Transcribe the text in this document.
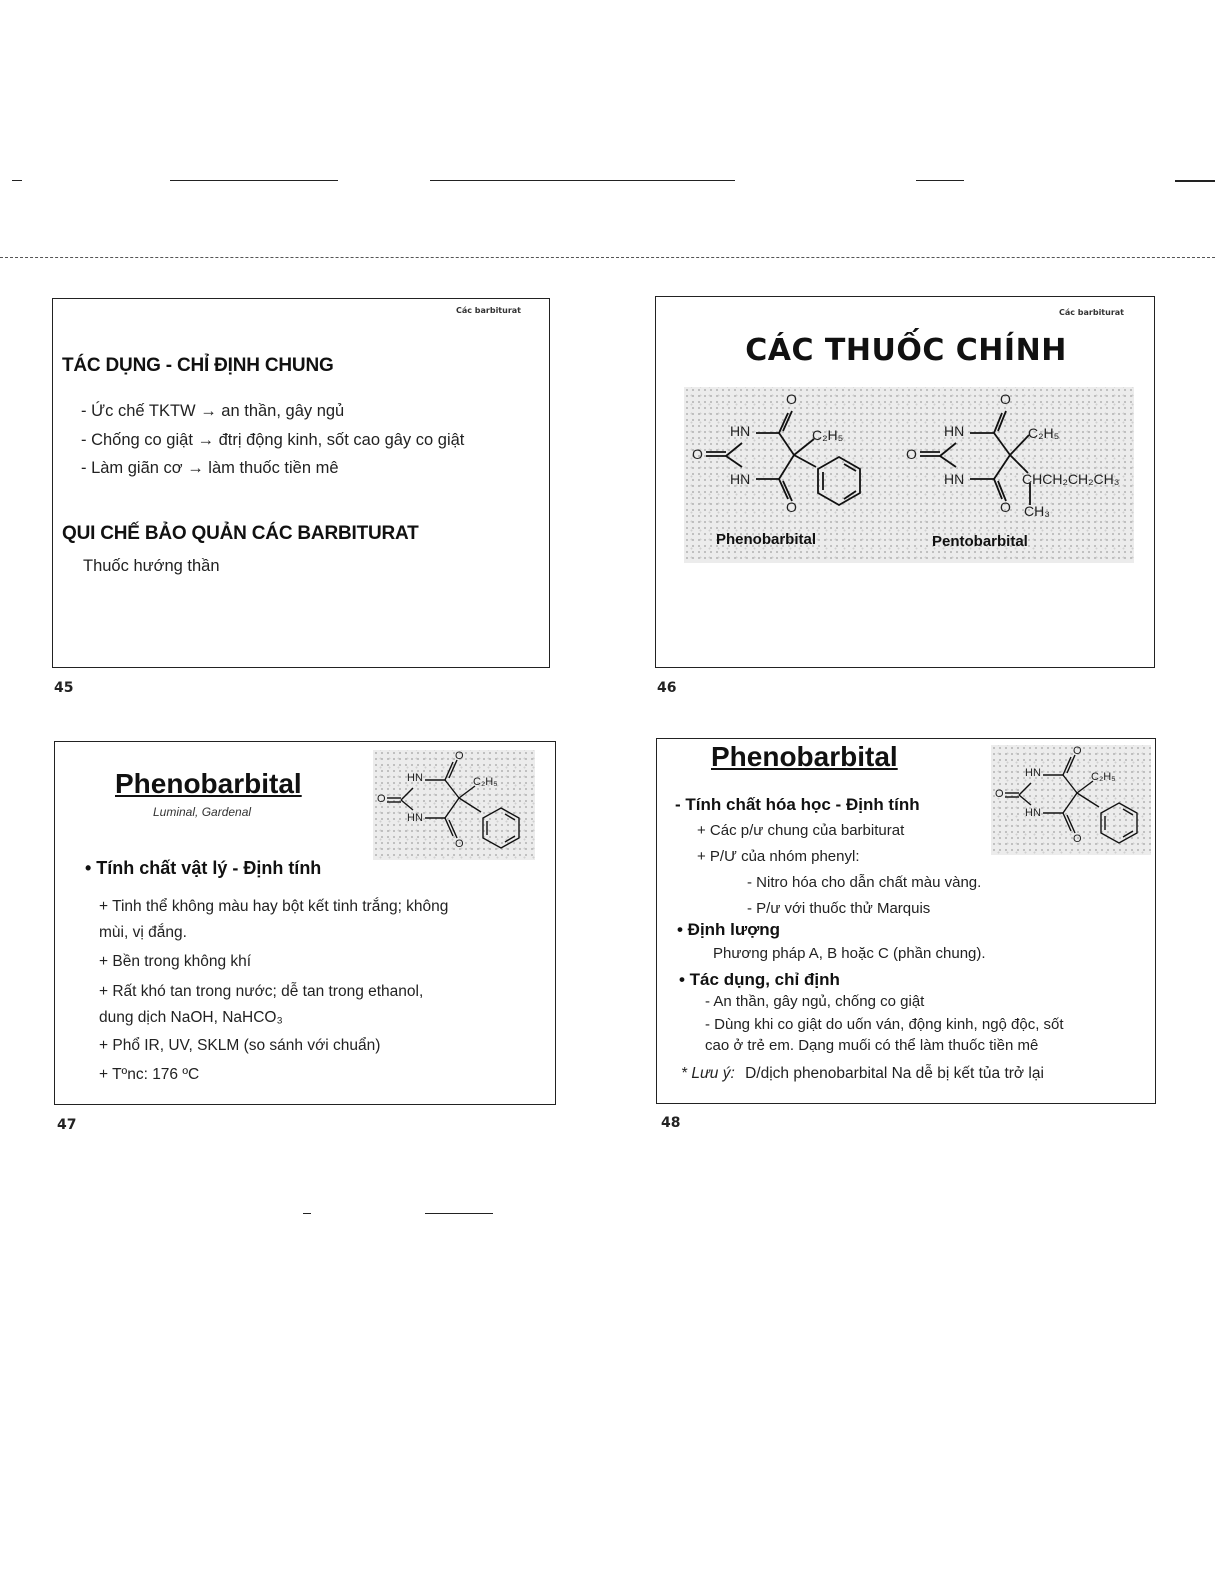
Các barbiturat
TÁC DỤNG - CHỈ ĐỊNH CHUNG
- Ức chế TKTW → an thần, gây ngủ
- Chống co giật → đtrị động kinh, sốt cao gây co giật
- Làm giãn cơ → làm thuốc tiền mê
QUI CHẾ BẢO QUẢN CÁC BARBITURAT
Thuốc hướng thần
45
Các barbiturat
CÁC THUỐC CHÍNH
O
HN	C₂H₅
O
HN
O
O
HN	C₂H₅
O
HN	CHCH₂CH₂CH₃
O CH₃
Phenobarbital	Pentobarbital
46
Phenobarbital
Luminal, Gardenal
O
HN	C₂H₅
O
HN
O
• Tính chất vật lý - Định tính
+ Tinh thể không màu hay bột kết tinh trắng; không
mùi, vị đắng.
+ Bền trong không khí
+ Rất khó tan trong nước; dễ tan trong ethanol,
dung dịch NaOH, NaHCO₃
+ Phổ IR, UV, SKLM (so sánh với chuẩn)
+ Tºnc: 176 ºC
47
Phenobarbital	O
HN	C₂H₅
O
HN
O
- Tính chất hóa học - Định tính
+ Các p/ư chung của barbiturat
+ P/Ư của nhóm phenyl:
- Nitro hóa cho dẫn chất màu vàng.
- P/ư với thuốc thử Marquis
• Định lượng
Phương pháp A, B hoặc C (phần chung).
• Tác dụng, chỉ định
- An thần, gây ngủ, chống co giật
- Dùng khi co giật do uốn ván, động kinh, ngộ độc, sốt
cao ở trẻ em. Dạng muối có thể làm thuốc tiền mê
* Lưu ý: D/dịch phenobarbital Na dễ bị kết tủa trở lại
48
